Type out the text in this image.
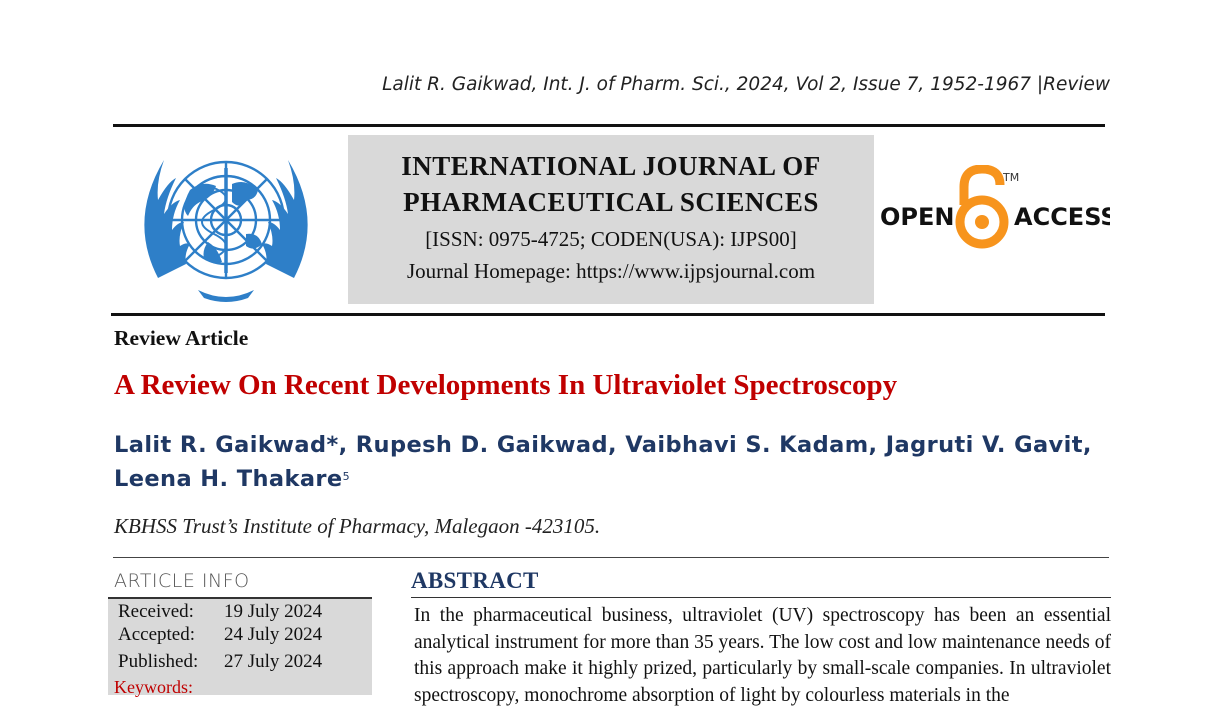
Lalit R. Gaikwad, Int. J. of Pharm. Sci., 2024, Vol 2, Issue 7, 1952-1967 |Review
INTERNATIONAL JOURNAL OF
PHARMACEUTICAL SCIENCES
[ISSN: 0975-4725; CODEN(USA): IJPS00]
Journal Homepage: https://www.ijpsjournal.com
OPEN
TM
ACCESS
Review Article
A Review On Recent Developments In Ultraviolet Spectroscopy
Lalit R. Gaikwad*, Rupesh D. Gaikwad, Vaibhavi S. Kadam, Jagruti V. Gavit, Leena H. Thakare$^5$
KBHSS Trust’s Institute of Pharmacy, Malegaon -423105.
ARTICLE INFO
Received: 19 July 2024
Accepted: 24 July 2024
Published: 27 July 2024
Keywords:
ABSTRACT
In the pharmaceutical business, ultraviolet (UV) spectroscopy has been an essential analytical instrument for more than 35 years. The low cost and low maintenance needs of this approach make it highly prized, particularly by small-scale companies. In ultraviolet spectroscopy, monochrome absorption of light by colourless materials in the
